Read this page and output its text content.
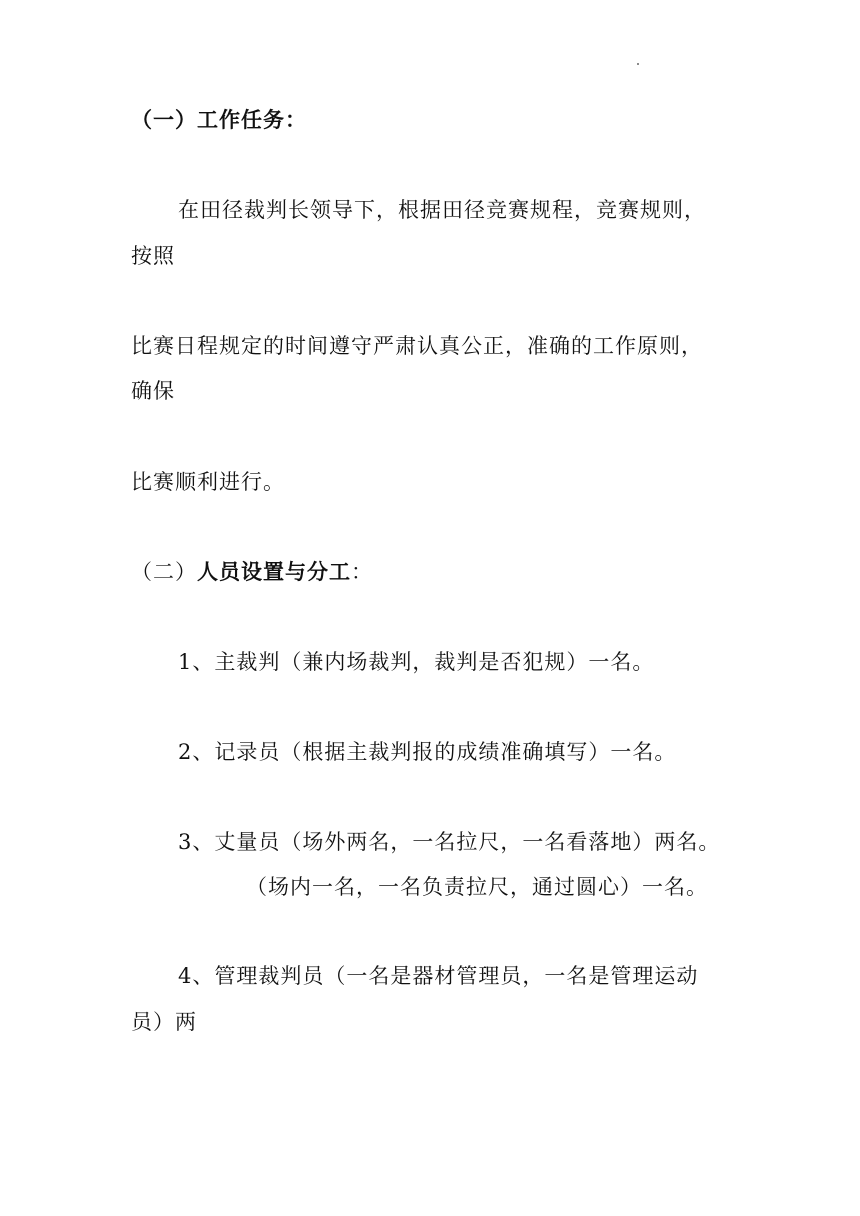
（一）工作任务：
在田径裁判长领导下，根据田径竞赛规程，竞赛规则，
按照
比赛日程规定的时间遵守严肃认真公正，准确的工作原则，
确保
比赛顺利进行。
（二）人员设置与分工：
1、主裁判（兼内场裁判，裁判是否犯规）一名。
2、记录员（根据主裁判报的成绩准确填写）一名。
3、丈量员（场外两名，一名拉尺，一名看落地）两名。
（场内一名，一名负责拉尺，通过圆心）一名。
4、管理裁判员（一名是器材管理员，一名是管理运动
员）两
